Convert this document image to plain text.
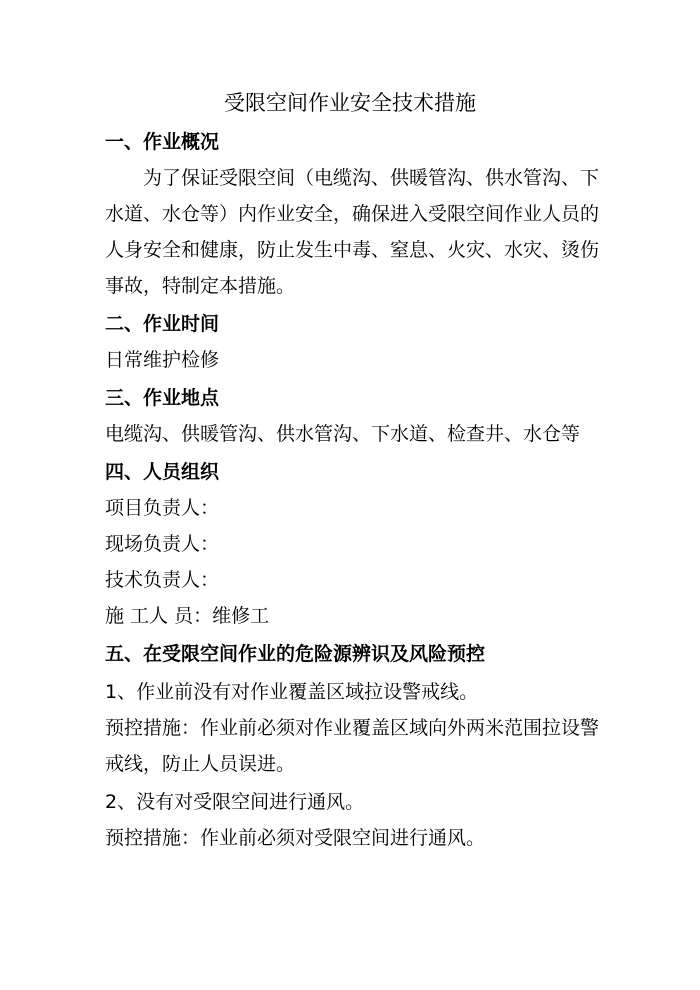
受限空间作业安全技术措施
一、作业概况
为了保证受限空间（电缆沟、供暖管沟、供水管沟、下
水道、水仓等）内作业安全，确保进入受限空间作业人员的
人身安全和健康，防止发生中毒、窒息、火灾、水灾、烫伤
事故，特制定本措施。
二、作业时间
日常维护检修
三、作业地点
电缆沟、供暖管沟、供水管沟、下水道、检查井、水仓等
四、人员组织
项目负责人：
现场负责人：
技术负责人：
施 工人 员：维修工
五、在受限空间作业的危险源辨识及风险预控
1、作业前没有对作业覆盖区域拉设警戒线。
预控措施：作业前必须对作业覆盖区域向外两米范围拉设警
戒线，防止人员误进。
2、没有对受限空间进行通风。
预控措施：作业前必须对受限空间进行通风。
